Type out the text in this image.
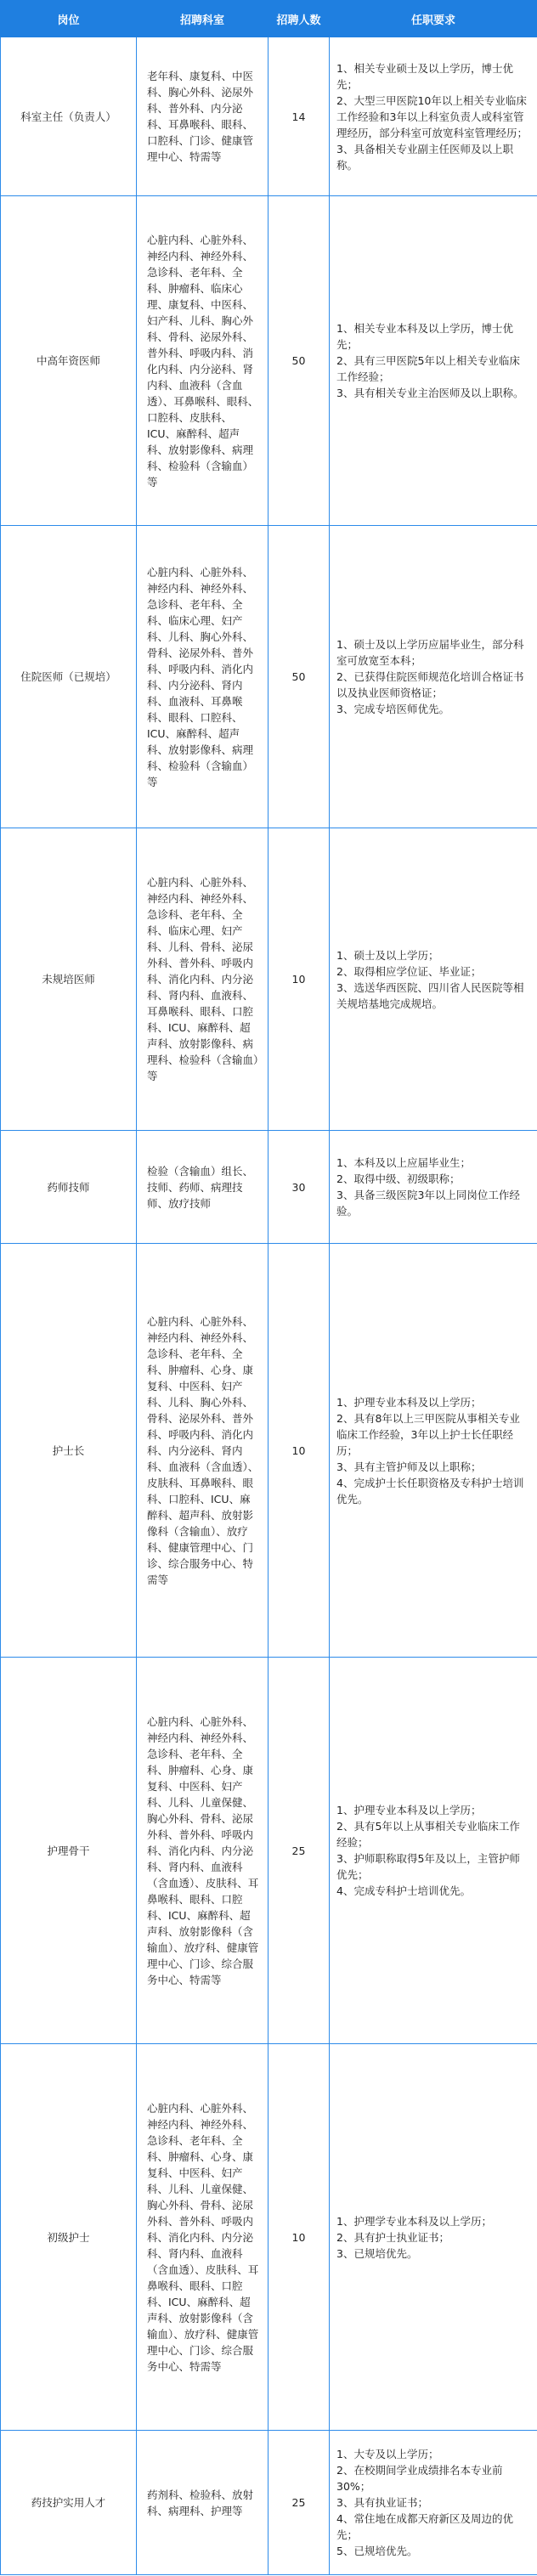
岗位	招聘科室	招聘人数	任职要求
科室主任（负责人）	老年科、康复科、中医科、胸心外科、泌尿外科、普外科、内分泌科、耳鼻喉科、眼科、口腔科、门诊、健康管理中心、特需等	14	1、相关专业硕士及以上学历，博士优先；
2、大型三甲医院10年以上相关专业临床工作经验和3年以上科室负责人或科室管理经历，部分科室可放宽科室管理经历；
3、具备相关专业副主任医师及以上职称。

中高年资医师	心脏内科、心脏外科、神经内科、神经外科、急诊科、老年科、全科、肿瘤科、临床心理、康复科、中医科、妇产科、儿科、胸心外科、骨科、泌尿外科、普外科、呼吸内科、消化内科、内分泌科、肾内科、血液科（含血透）、耳鼻喉科、眼科、口腔科、皮肤科、ICU、麻醉科、超声科、放射影像科、病理科、检验科（含输血）等	50	1、相关专业本科及以上学历，博士优先；
2、具有三甲医院5年以上相关专业临床工作经验；
3、具有相关专业主治医师及以上职称。

住院医师（已规培）	心脏内科、心脏外科、神经内科、神经外科、急诊科、老年科、全科、临床心理、妇产科、儿科、胸心外科、骨科、泌尿外科、普外科、呼吸内科、消化内科、内分泌科、肾内科、血液科、耳鼻喉科、眼科、口腔科、ICU、麻醉科、超声科、放射影像科、病理科、检验科（含输血）等	50	1、硕士及以上学历应届毕业生，部分科室可放宽至本科；
2、已获得住院医师规范化培训合格证书以及执业医师资格证；
3、完成专培医师优先。

未规培医师	心脏内科、心脏外科、神经内科、神经外科、急诊科、老年科、全科、临床心理、妇产科、儿科、骨科、泌尿外科、普外科、呼吸内科、消化内科、内分泌科、肾内科、血液科、耳鼻喉科、眼科、口腔科、ICU、麻醉科、超声科、放射影像科、病理科、检验科（含输血）等	10	1、硕士及以上学历；
2、取得相应学位证、毕业证；
3、选送华西医院、四川省人民医院等相关规培基地完成规培。

药师技师	检验（含输血）组长、技师、药师、病理技师、放疗技师	30	1、本科及以上应届毕业生；
2、取得中级、初级职称；
3、具备三级医院3年以上同岗位工作经验。

护士长	心脏内科、心脏外科、神经内科、神经外科、急诊科、老年科、全科、肿瘤科、心身、康复科、中医科、妇产科、儿科、胸心外科、骨科、泌尿外科、普外科、呼吸内科、消化内科、内分泌科、肾内科、血液科（含血透）、皮肤科、耳鼻喉科、眼科、口腔科、ICU、麻醉科、超声科、放射影像科（含输血）、放疗科、健康管理中心、门诊、综合服务中心、特需等	10	1、护理专业本科及以上学历；
2、具有8年以上三甲医院从事相关专业临床工作经验，3年以上护士长任职经历；
3、具有主管护师及以上职称；
4、完成护士长任职资格及专科护士培训优先。

护理骨干	心脏内科、心脏外科、神经内科、神经外科、急诊科、老年科、全科、肿瘤科、心身、康复科、中医科、妇产科、儿科、儿童保健、胸心外科、骨科、泌尿外科、普外科、呼吸内科、消化内科、内分泌科、肾内科、血液科（含血透）、皮肤科、耳鼻喉科、眼科、口腔科、ICU、麻醉科、超声科、放射影像科（含输血）、放疗科、健康管理中心、门诊、综合服务中心、特需等	25	1、护理专业本科及以上学历；
2、具有5年以上从事相关专业临床工作经验；
3、护师职称取得5年及以上，主管护师优先；
4、完成专科护士培训优先。

初级护士	心脏内科、心脏外科、神经内科、神经外科、急诊科、老年科、全科、肿瘤科、心身、康复科、中医科、妇产科、儿科、儿童保健、胸心外科、骨科、泌尿外科、普外科、呼吸内科、消化内科、内分泌科、肾内科、血液科（含血透）、皮肤科、耳鼻喉科、眼科、口腔科、ICU、麻醉科、超声科、放射影像科（含输血）、放疗科、健康管理中心、门诊、综合服务中心、特需等	10	1、护理学专业本科及以上学历；
2、具有护士执业证书；
3、已规培优先。

药技护实用人才	药剂科、检验科、放射科、病理科、护理等	25	1、大专及以上学历；
2、在校期间学业成绩排名本专业前30%；
3、具有执业证书；
4、常住地在成都天府新区及周边的优先；
5、已规培优先。
